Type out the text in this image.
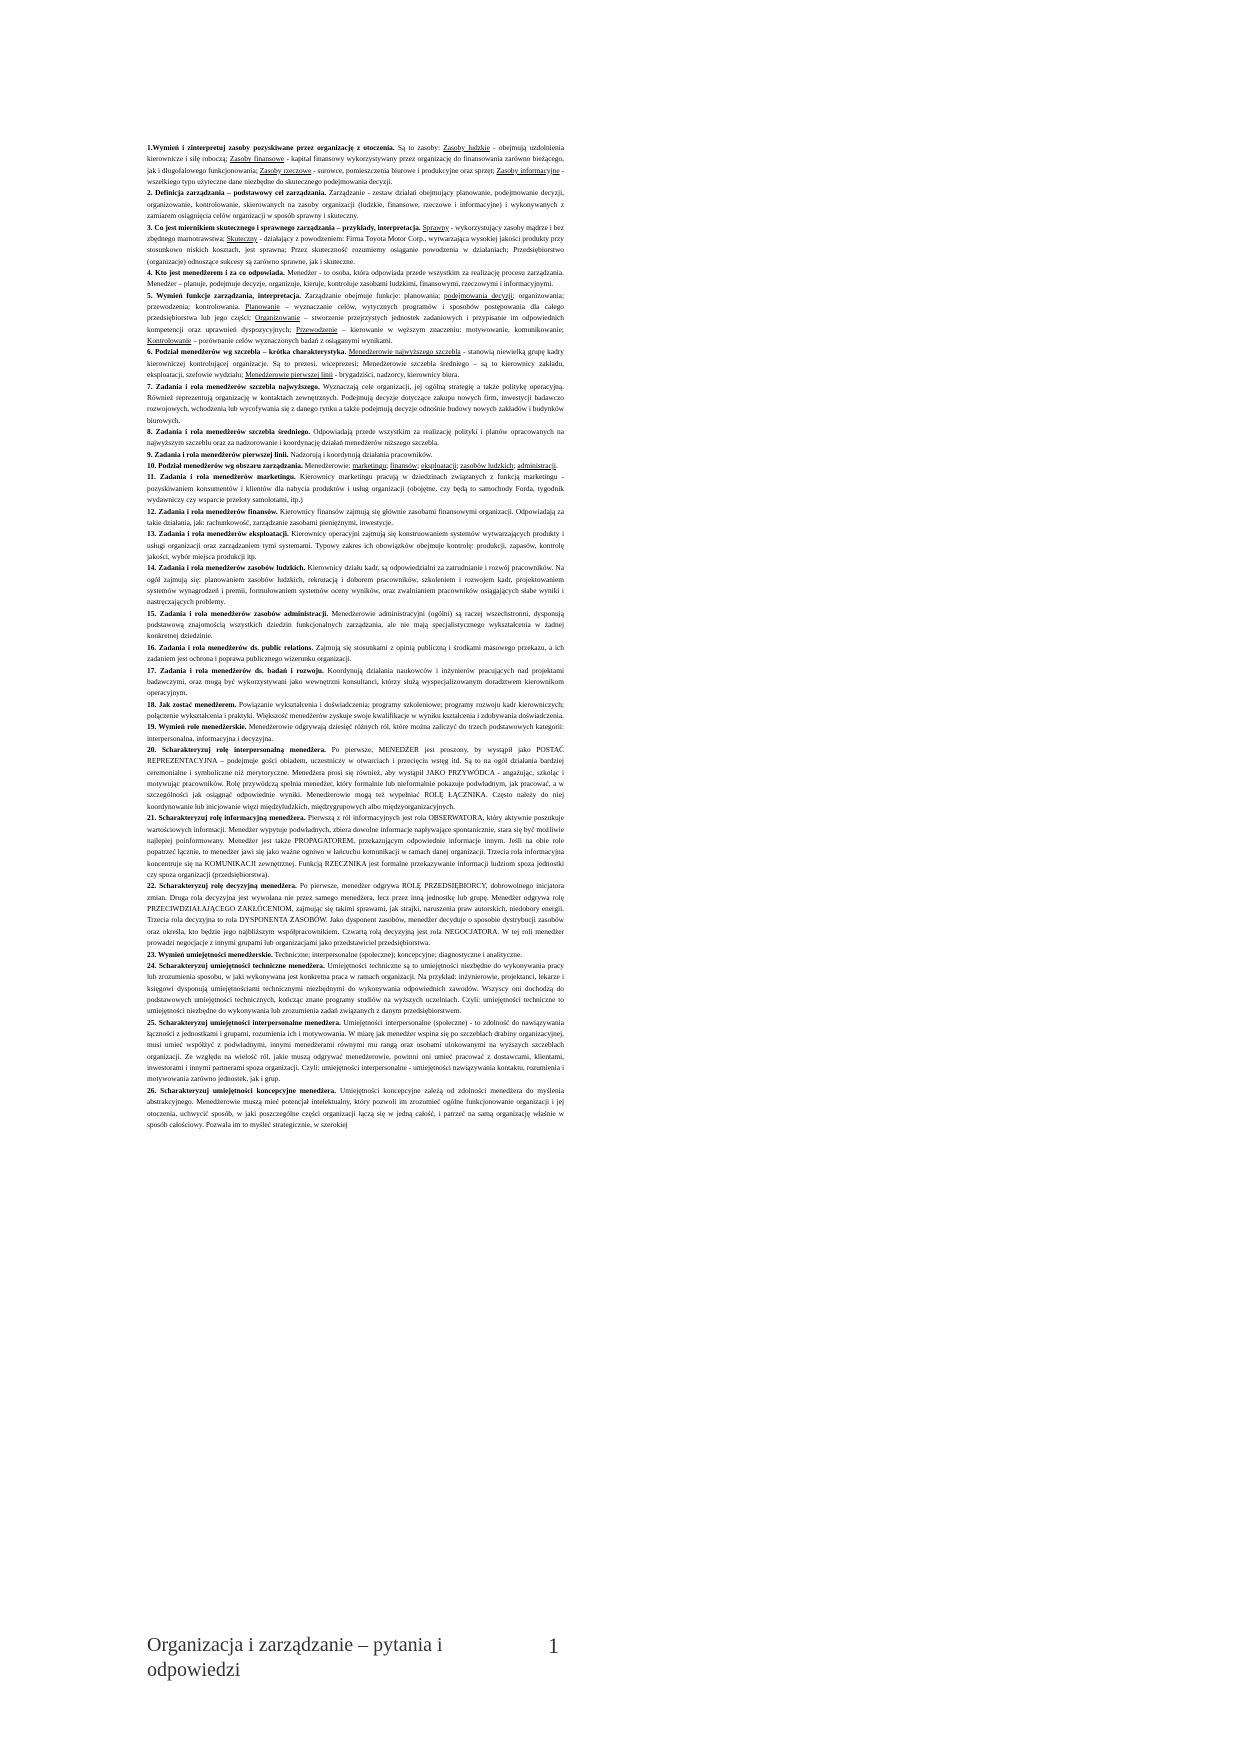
1.Wymień i zinterpretuj zasoby pozyskiwane przez organizację z otoczenia. Są to zasoby: Zasoby ludzkie - obejmują uzdolnienia kierownicze i siłę roboczą; Zasoby finansowe - kapitał finansowy wykorzystywany przez organizację do finansowania zarówno bieżącego, jak i długofalowego funkcjonowania; Zasoby rzeczowe - surowce, pomieszczenia biurowe i produkcyjne oraz sprzęt; Zasoby informacyjne - wszelkiego typu użyteczne dane niezbędne do skutecznego podejmowania decyzji.

2. Definicja zarządzania – podstawowy cel zarządzania. Zarządzanie - zestaw działań obejmujący planowanie, podejmowanie decyzji, organizowanie, kontrolowanie, skierowanych na zasoby organizacji (ludzkie, finansowe, rzeczowe i informacyjne) i wykonywanych z zamiarem osiągnięcia celów organizacji w sposób sprawny i skuteczny.

3. Co jest miernikiem skutecznego i sprawnego zarządzania – przykłady, interpretacja. Sprawny - wykorzystujący zasoby mądrze i bez zbędnego marnotrawstwa; Skuteczny - działający z powodzeniem: Firma Toyota Motor Corp., wytwarzająca wysokiej jakości produkty przy stosunkowo niskich kosztach, jest sprawna; Przez skuteczność rozumiemy osiąganie powodzenia w działaniach; Przedsiębiorstwo (organizacje) odnoszące sukcesy są zarówno sprawne, jak i skuteczne.

4. Kto jest menedżerem i za co odpowiada. Menedżer - to osoba, która odpowiada przede wszystkim za realizację procesu zarządzania. Menedżer – planuje, podejmuje decyzje, organizuje, kieruje, kontroluje zasobami ludzkimi, finansowymi, rzeczowymi i informacyjnymi.

5. Wymień funkcje zarządzania, interpretacja. Zarządzanie obejmuje funkcje: planowania; podejmowania decyzji; organizowania; przewodzenia; kontrolowania. Planowanie – wyznaczanie celów, wytycznych programów i sposobów postępowania dla całego przedsiębiorstwa lub jego części; Organizowanie – stworzenie przejrzystych jednostek zadaniowych i przypisanie im odpowiednich kompetencji oraz uprawnień dyspozycyjnych; Przewodzenie – kierowanie w węższym znaczeniu: motywowanie, komunikowanie; Kontrolowanie – porównanie celów wyznaczonych badań z osiąganymi wynikami.

6. Podział menedżerów wg szczebla – krótka charakterystyka. Menedżerowie najwyższego szczebla - stanowią niewielką grupę kadry kierowniczej kontrolującej organizacje. Są to prezesi, wiceprezesi; Menedżerowie szczebla średniego – są to kierownicy zakładu, eksploatacji, szefowie wydziału; Menedżerowie pierwszej linii - brygadziści, nadzorcy, kierownicy biura.

7. Zadania i rola menedżerów szczebla najwyższego. Wyznaczają cele organizacji, jej ogólną strategię a także politykę operacyjną. Również reprezentują organizację w kontaktach zewnętrznych. Podejmują decyzje dotyczące zakupu nowych firm, inwestycji badawczo rozwojowych, wchodzenia lub wycofywania się z danego rynku a także podejmują decyzje odnośnie budowy nowych zakładów i budynków biurowych.

8. Zadania i rola menedżerów szczebla średniego. Odpowiadają przede wszystkim za realizację polityki i planów opracowanych na najwyższym szczeblu oraz za nadzorowanie i koordynację działań menedżerów niższego szczebla.

9. Zadania i rola menedżerów pierwszej linii. Nadzorują i koordynują działania pracowników.

10. Podział menedżerów wg obszaru zarządzania. Menedżerowie: marketingu; finansów; eksploatacji; zasobów ludzkich; administracji.

11. Zadania i rola menedżerów marketingu. Kierownicy marketingu pracują w dziedzinach związanych z funkcją marketingu - pozyskiwaniem konsumentów i klientów dla nabycia produktów i usług organizacji (obojętne, czy będą to samochody Forda, tygodnik wydawniczy czy wsparcie przeloty samolotami, itp.)

12. Zadania i rola menedżerów finansów. Kierownicy finansów zajmują się głównie zasobami finansowymi organizacji. Odpowiadają za takie działania, jak: rachunkowość, zarządzanie zasobami pieniężnymi, inwestycje.

13. Zadania i rola menedżerów eksploatacji. Kierownicy operacyjni zajmują się konstruowaniem systemów wytwarzających produkty i usługi organizacji oraz zarządzaniem tymi systemami. Typowy zakres ich obowiązków obejmuje kontrolę: produkcji, zapasów, kontrolę jakości, wybór miejsca produkcji itp.

14. Zadania i rola menedżerów zasobów ludzkich. Kierownicy działu kadr, są odpowiedzialni za zatrudnianie i rozwój pracowników. Na ogół zajmują się: planowaniem zasobów ludzkich, rekrutacją i doborem pracowników, szkoleniem i rozwojem kadr, projektowaniem systemów wynagrodzeń i premii, formułowaniem systemów oceny wyników, oraz zwalnianiem pracowników osiągających słabe wyniki i nastręczających problemy.

15. Zadania i rola menedżerów zasobów administracji. Menedżerowie administracyjni (ogólni) są raczej wszechstronni, dysponują podstawową znajomością wszystkich dziedzin funkcjonalnych zarządzania, ale nie mają specjalistycznego wykształcenia w żadnej konkretnej dziedzinie.

16. Zadania i rola menedżerów ds. public relations. Zajmują się stosunkami z opinią publiczną i środkami masowego przekazu, a ich zadaniem jest ochrona i poprawa publicznego wizerunku organizacji.

17. Zadania i rola menedżerów ds. badań i rozwoju. Koordynują działania naukowców i inżynierów pracujących nad projektami badawczymi, oraz mogą być wykorzystywani jako wewnętrzni konsultanci, którzy służą wyspecjalizowanym doradztwem kierownikom operacyjnym.

18. Jak zostać menedżerem. Powiązanie wykształcenia i doświadczenia; programy szkoleniowe; programy rozwoju kadr kierowniczych; połączenie wykształcenia i praktyki. Większość menedżerów zyskuje swoje kwalifikacje w wyniku kształcenia i zdobywania doświadczenia.

19. Wymień role menedżerskie. Menedżerowie odgrywają dziesięć różnych ról, które można zaliczyć do trzech podstawowych kategorii: interpersonalna, informacyjna i decyzyjna.

20. Scharakteryzuj rolę interpersonalną menedżera. Po pierwsze, MENEDŻER jest proszony, by wystąpił jako POSTAĆ REPREZENTACYJNA – podejmuje gości obiadem, uczestniczy w otwarciach i przecięciu wstęg itd. Są to na ogół działania bardziej ceremonialne i symboliczne niż merytoryczne. Menedżera prosi się również, aby wystąpił JAKO PRZYWÓDCA - angażując, szkoląc i motywując pracowników. Rolę przywódczą spełnia menedżer, który formalnie lub nieformalnie pokazuje podwładnym, jak pracować, a w szczególności jak osiągnąć odpowiednie wyniki. Menedżerowie mogą też wypełniać ROLĘ ŁĄCZNIKA. Często należy do niej koordynowanie lub inicjowanie więzi międzyludzkich, międzygrupowych albo międzyorganizacyjnych.

21. Scharakteryzuj rolę informacyjną menedżera. Pierwszą z ról informacyjnych jest rola OBSERWATORA, który aktywnie poszukuje wartościowych informacji. Menedżer wypytuje podwładnych, zbiera dowolne informacje napływające spontanicznie, stara się być możliwie najlepiej poinformowany. Menedżer jest także PROPAGATOREM, przekazującym odpowiednie informacje innym. Jeśli na obie role popatrzeć łącznie, to menedżer jawi się jako ważne ogniwo w łańcuchu komunikacji w ramach danej organizacji. Trzecia rola informacyjna koncentruje się na KOMUNIKACJI zewnętrznej. Funkcją RZECZNIKA jest formalne przekazywanie informacji ludziom spoza jednostki czy spoza organizacji (przedsiębiorstwa).

22. Scharakteryzuj rolę decyzyjną menedżera. Po pierwsze, menedżer odgrywa ROLĘ PRZEDSIĘBIORCY, dobrowolnego inicjatora zmian. Druga rola decyzyjna jest wywołana nie przez samego menedżera, lecz przez inną jednostkę lub grupę. Menedżer odgrywa rolę PRZECIWDZIAŁAJĄCEGO ZAKŁÓCENIOM, zajmując się takimi sprawami, jak strajki, naruszenia praw autorskich, niedobory energii. Trzecia rola decyzyjna to rola DYSPONENTA ZASOBÓW. Jako dysponent zasobów, menedżer decyduje o sposobie dystrybucji zasobów oraz określa, kto będzie jego najbliższym współpracownikiem. Czwartą rolą decyzyjną jest rola NEGOCJATORA. W tej roli menedżer prowadzi negocjacje z innymi grupami lub organizacjami jako przedstawiciel przedsiębiorstwa.

23. Wymień umiejętności menedżerskie. Techniczne; interpersonalne (społeczne); koncepcyjne; diagnostyczne i analityczne.

24. Scharakteryzuj umiejętności techniczne menedżera. Umiejętności techniczne są to umiejętności niezbędne do wykonywania pracy lub zrozumienia sposobu, w jaki wykonywana jest konkretna praca w ramach organizacji. Na przykład: inżynierowie, projektanci, lekarze i księgowi dysponują umiejętnościami technicznymi niezbędnymi do wykonywania odpowiednich zawodów. Wszyscy oni dochodzą do podstawowych umiejętności technicznych, kończąc znane programy studiów na wyższych uczelniach. Czyli: umiejętności techniczne to umiejętności niezbędne do wykonywania lub zrozumienia zadań związanych z danym przedsiębiorstwem.

25. Scharakteryzuj umiejętności interpersonalne menedżera. Umiejętności interpersonalne (społeczne) - to zdolność do nawiązywania łączności z jednostkami i grupami, rozumienia ich i motywowania. W miarę jak menedżer wspina się po szczeblach drabiny organizacyjnej, musi umieć współżyć z podwładnymi, innymi menedżerami równymi mu rangą oraz osobami ulokowanymi na wyższych szczeblach organizacji. Ze względu na wielość ról, jakie muszą odgrywać menedżerowie, powinni oni umieć pracować z dostawcami, klientami, inwestorami i innymi partnerami spoza organizacji. Czyli: umiejętności interpersonalne - umiejętności nawiązywania kontaktu, rozumienia i motywowania zarówno jednostek, jak i grup.

26. Scharakteryzuj umiejętności koncepcyjne menedżera. Umiejętności koncepcyjne zależą od zdolności menedżera do myślenia abstrakcyjnego. Menedżerowie muszą mieć potencjał intelektualny, który pozwoli im zrozumieć ogólne funkcjonowanie organizacji i jej otoczenia, uchwycić sposób, w jaki poszczególne części organizacji łączą się w jedną całość, i patrzeć na samą organizację właśnie w sposób całościowy. Pozwala im to myśleć strategicznie, w szerokiej

Organizacja i zarządzanie – pytania i odpowiedzi
1
